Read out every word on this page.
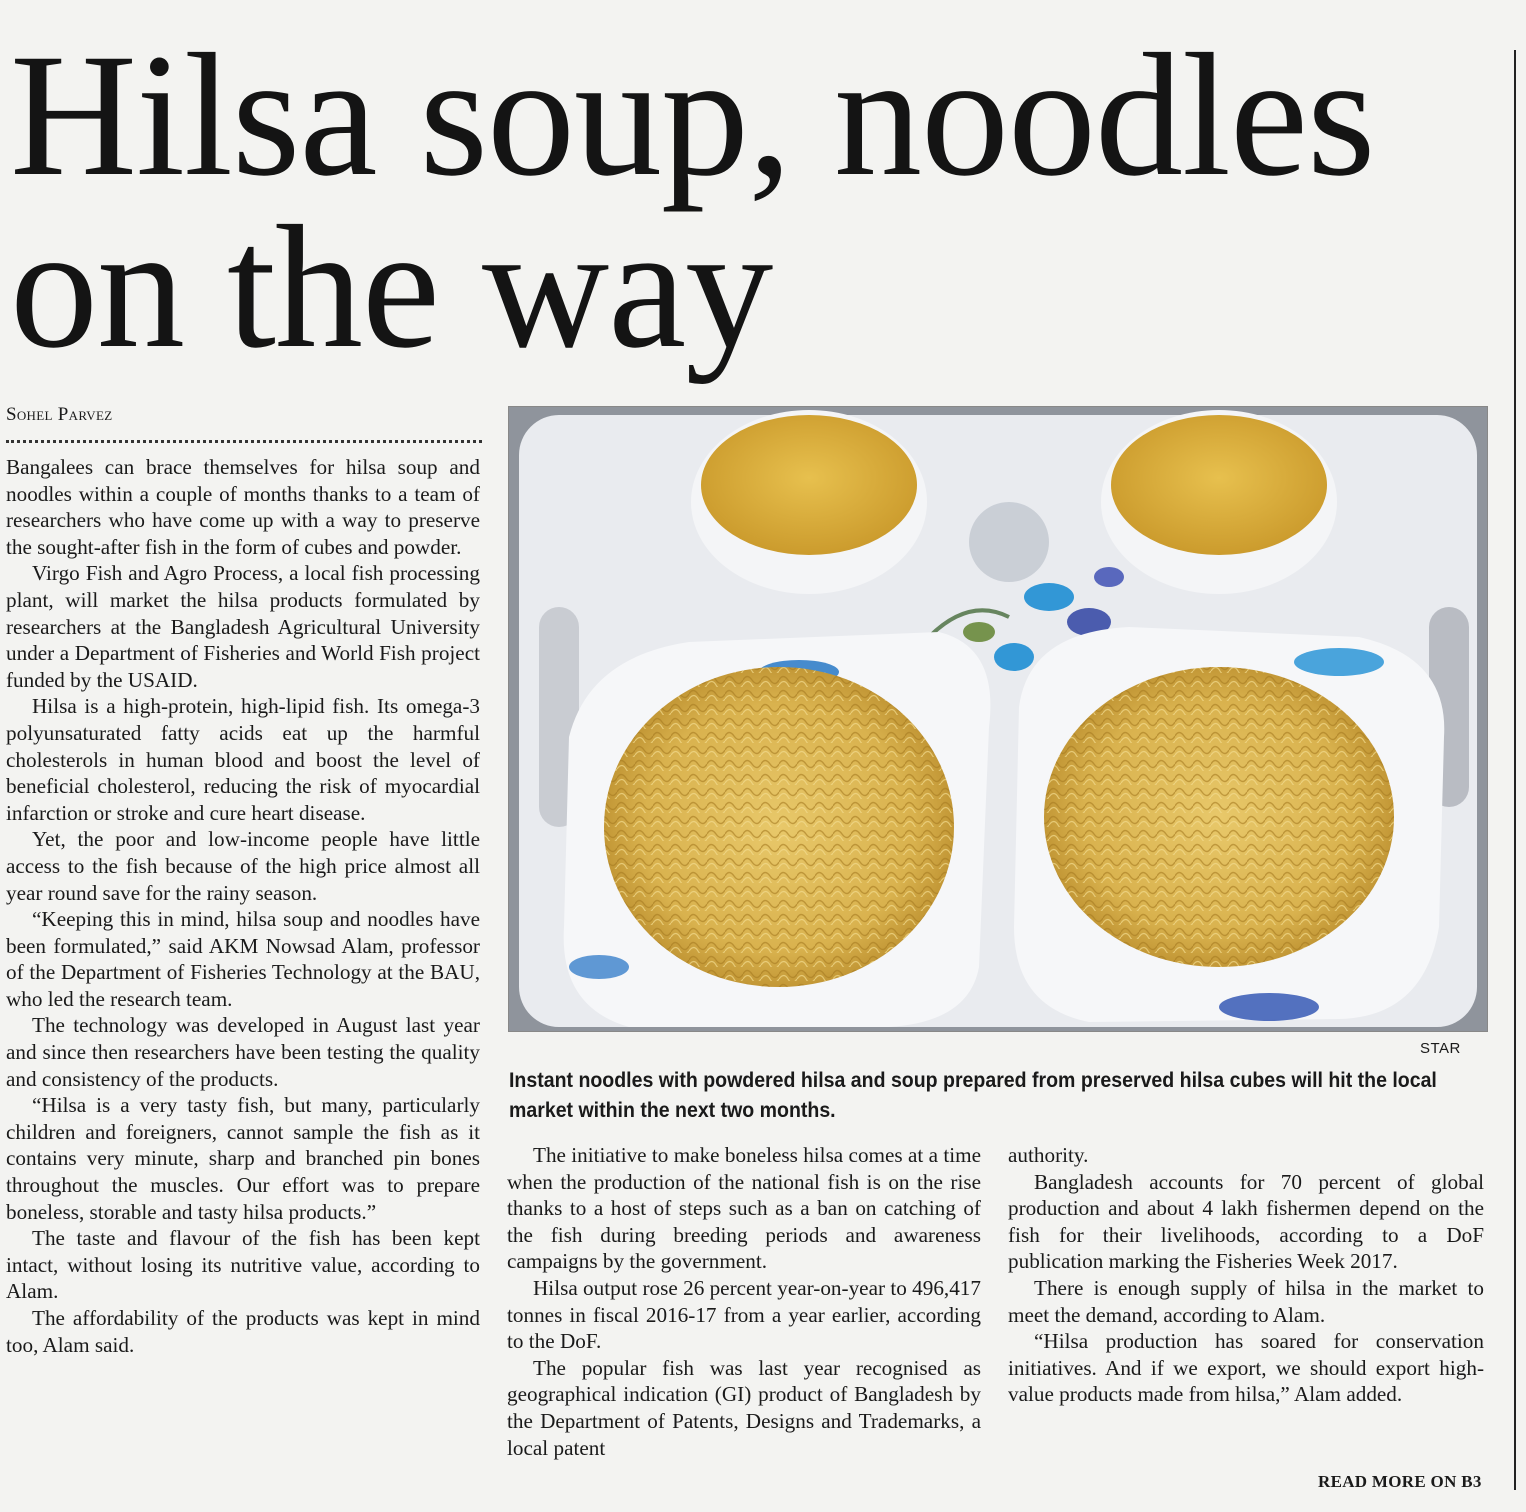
Hilsa soup, noodles on the way
Sohel Parvez

Bangalees can brace themselves for hilsa soup and noodles within a couple of months thanks to a team of researchers who have come up with a way to preserve the sought-after fish in the form of cubes and powder.

Virgo Fish and Agro Process, a local fish processing plant, will market the hilsa products formulated by researchers at the Bangladesh Agricultural University under a Department of Fisheries and World Fish project funded by the USAID.

Hilsa is a high-protein, high-lipid fish. Its omega-3 polyunsaturated fatty acids eat up the harmful cholesterols in human blood and boost the level of beneficial cholesterol, reducing the risk of myocardial infarction or stroke and cure heart disease.

Yet, the poor and low-income people have little access to the fish because of the high price almost all year round save for the rainy season.

“Keeping this in mind, hilsa soup and noodles have been formulated,” said AKM Nowsad Alam, professor of the Department of Fisheries Technology at the BAU, who led the research team.

The technology was developed in August last year and since then researchers have been testing the quality and consistency of the products.

“Hilsa is a very tasty fish, but many, particularly children and foreigners, cannot sample the fish as it contains very minute, sharp and branched pin bones throughout the muscles. Our effort was to prepare boneless, storable and tasty hilsa products.”

The taste and flavour of the fish has been kept intact, without losing its nutritive value, according to Alam.

The affordability of the products was kept in mind too, Alam said.

STAR
Instant noodles with powdered hilsa and soup prepared from preserved hilsa cubes will hit the local market within the next two months.

The initiative to make boneless hilsa comes at a time when the production of the national fish is on the rise thanks to a host of steps such as a ban on catching of the fish during breeding periods and awareness campaigns by the government.

Hilsa output rose 26 percent year-on-year to 496,417 tonnes in fiscal 2016-17 from a year earlier, according to the DoF.

The popular fish was last year recognised as geographical indication (GI) product of Bangladesh by the Department of Patents, Designs and Trademarks, a local patent

authority.

Bangladesh accounts for 70 percent of global production and about 4 lakh fishermen depend on the fish for their livelihoods, according to a DoF publication marking the Fisheries Week 2017.

There is enough supply of hilsa in the market to meet the demand, according to Alam.

“Hilsa production has soared for conservation initiatives. And if we export, we should export high-value products made from hilsa,” Alam added.

READ MORE ON B3
